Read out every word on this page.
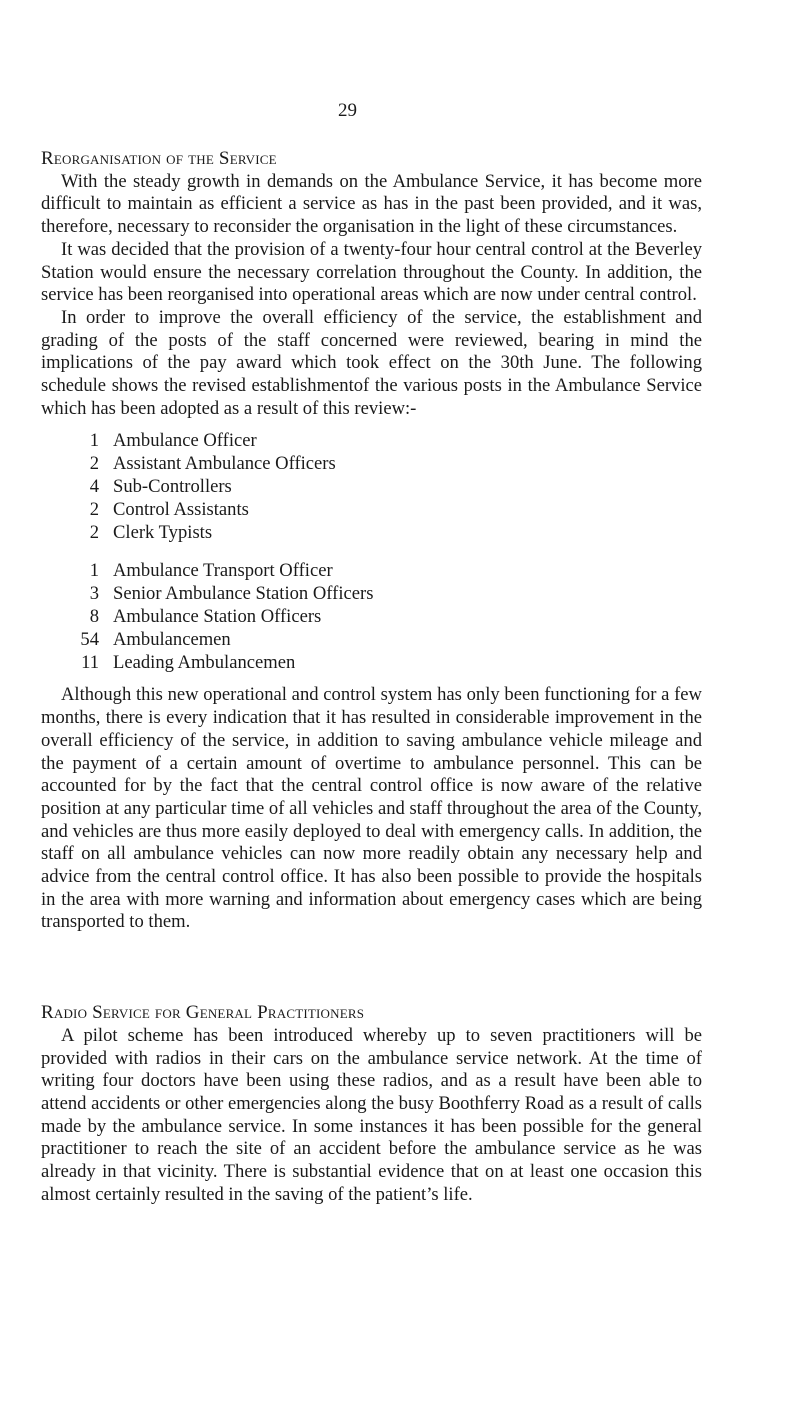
29
Reorganisation of the Service

With the steady growth in demands on the Ambulance Service, it has become more difficult to maintain as efficient a service as has in the past been provided, and it was, therefore, necessary to reconsider the organisation in the light of these circumstances.

It was decided that the provision of a twenty-four hour central control at the Beverley Station would ensure the necessary correlation throughout the County. In addition, the service has been reorganised into operational areas which are now under central control.

In order to improve the overall efficiency of the service, the establishment and grading of the posts of the staff concerned were reviewed, bearing in mind the implications of the pay award which took effect on the 30th June. The following schedule shows the revised establishmentof the various posts in the Ambulance Service which has been adopted as a result of this review:-

1 Ambulance Officer
2 Assistant Ambulance Officers
4 Sub-Controllers
2 Control Assistants
2 Clerk Typists
1 Ambulance Transport Officer
3 Senior Ambulance Station Officers
8 Ambulance Station Officers
54 Ambulancemen
11 Leading Ambulancemen

Although this new operational and control system has only been functioning for a few months, there is every indication that it has resulted in considerable improvement in the overall efficiency of the service, in addition to saving ambulance vehicle mileage and the payment of a certain amount of overtime to ambulance personnel. This can be accounted for by the fact that the central control office is now aware of the relative position at any particular time of all vehicles and staff throughout the area of the County, and vehicles are thus more easily deployed to deal with emergency calls. In addition, the staff on all ambulance vehicles can now more readily obtain any necessary help and advice from the central control office. It has also been possible to provide the hospitals in the area with more warning and information about emergency cases which are being transported to them.

Radio Service for General Practitioners

A pilot scheme has been introduced whereby up to seven practitioners will be provided with radios in their cars on the ambulance service network. At the time of writing four doctors have been using these radios, and as a result have been able to attend accidents or other emergencies along the busy Boothferry Road as a result of calls made by the ambulance service. In some instances it has been possible for the general practitioner to reach the site of an accident before the ambulance service as he was already in that vicinity. There is substantial evidence that on at least one occasion this almost certainly resulted in the saving of the patient’s life.
